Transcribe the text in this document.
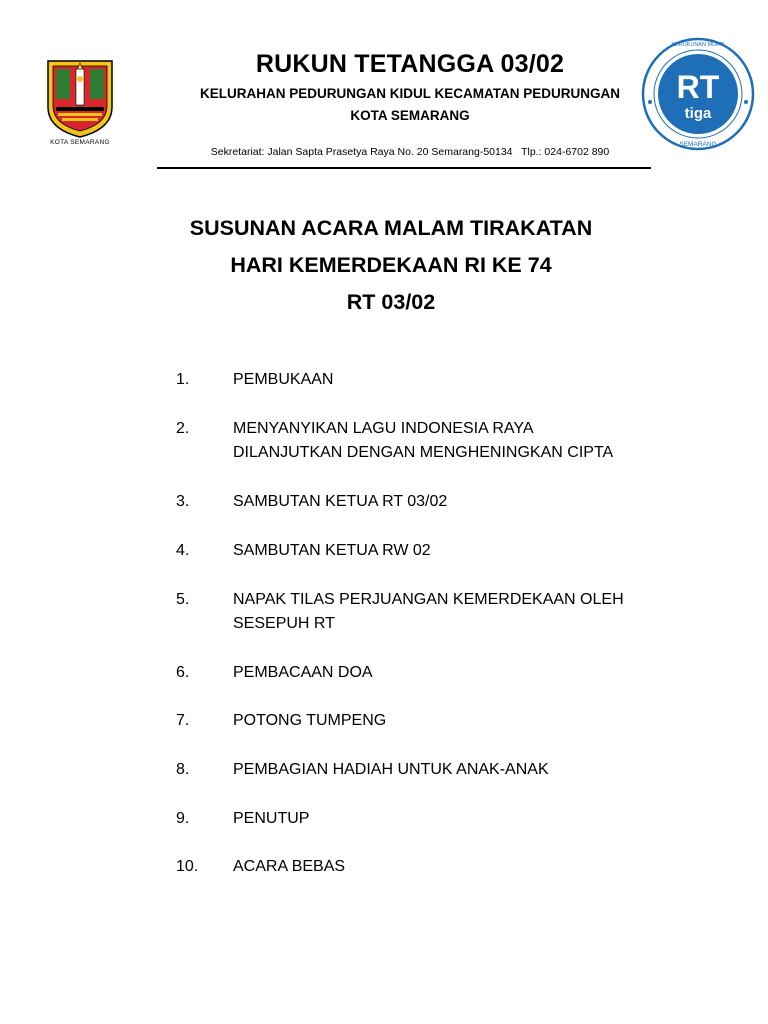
KOTA SEMARANG
RUKUN TETANGGA 03/02
KELURAHAN PEDURUNGAN KIDUL KECAMATAN PEDURUNGAN
KOTA SEMARANG
Sekretariat: Jalan Sapta Prasetya Raya No. 20 Semarang-50134   Tlp.: 024-6702 890
RT
tiga
SEMARANG
KERUKUNAN MUKTI
SUSUNAN ACARA MALAM TIRAKATAN
HARI KEMERDEKAAN RI KE 74
RT 03/02
1.	PEMBUKAAN
2.	MENYANYIKAN LAGU INDONESIA RAYA
DILANJUTKAN DENGAN MENGHENINGKAN CIPTA
3.	SAMBUTAN KETUA RT 03/02
4.	SAMBUTAN KETUA RW 02
5.	NAPAK TILAS PERJUANGAN KEMERDEKAAN OLEH
SESEPUH RT
6.	PEMBACAAN DOA
7.	POTONG TUMPENG
8.	PEMBAGIAN HADIAH UNTUK ANAK-ANAK
9.	PENUTUP
10. ACARA BEBAS
